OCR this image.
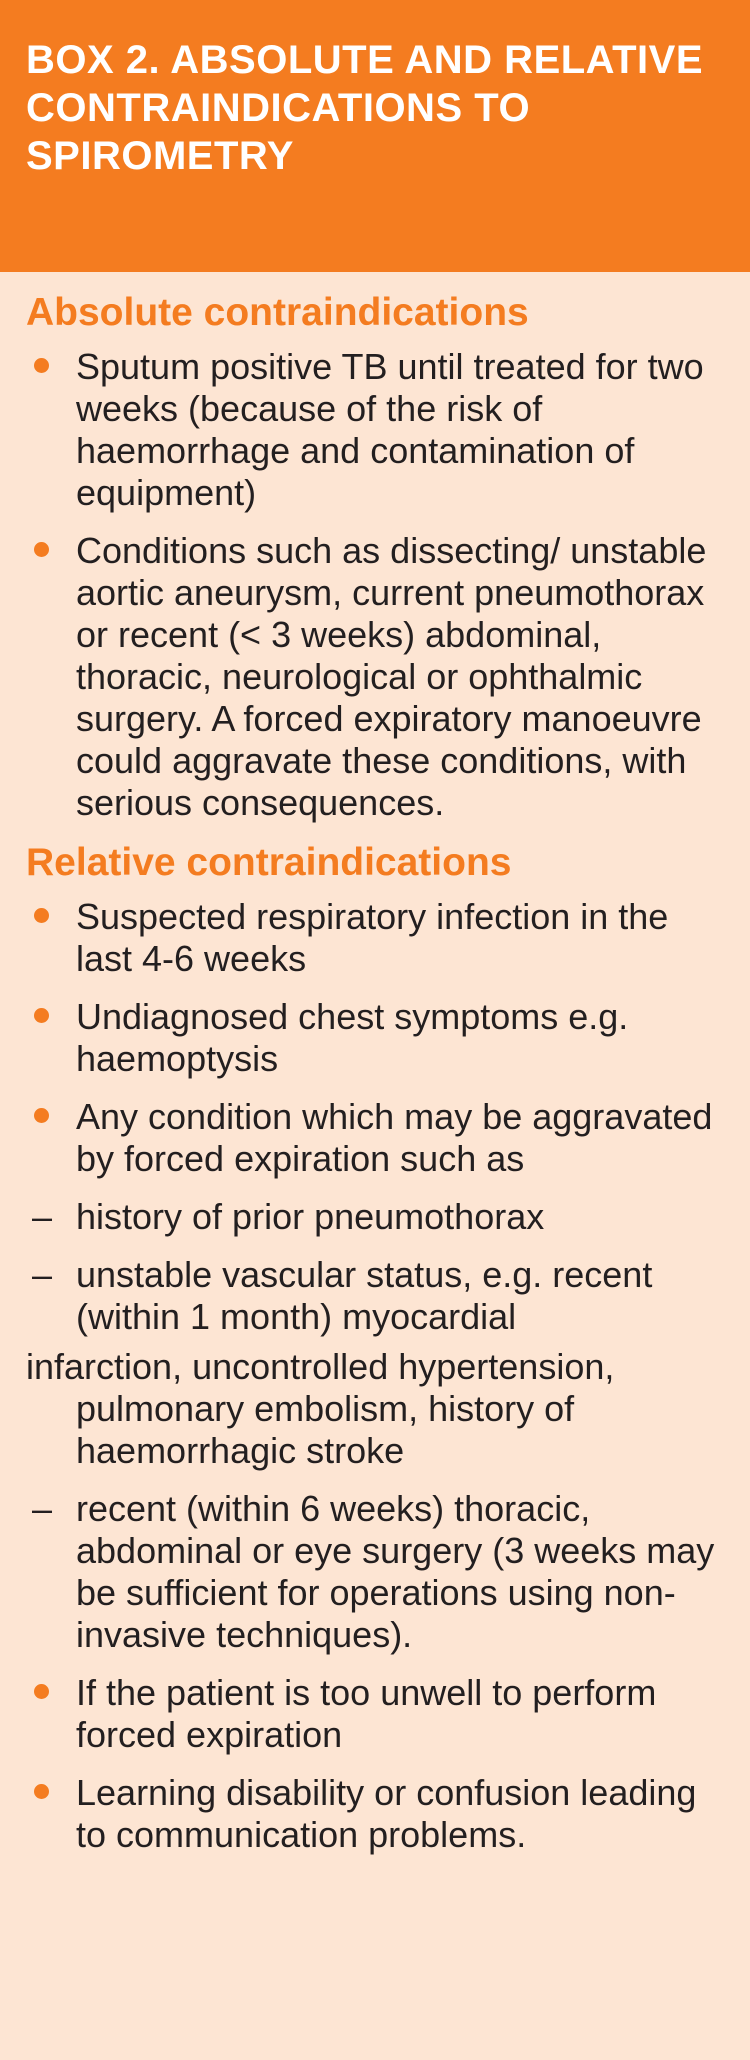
BOX 2. ABSOLUTE AND RELATIVE CONTRAINDICATIONS TO SPIROMETRY
Absolute contraindications
Sputum positive TB until treated for two weeks (because of the risk of haemorrhage and contamination of equipment)
Conditions such as dissecting/ unstable aortic aneurysm, current pneumothorax or recent (< 3 weeks) abdominal, thoracic, neurological or ophthalmic surgery. A forced expiratory manoeuvre could aggravate these conditions, with serious consequences.
Relative contraindications
Suspected respiratory infection in the last 4-6 weeks
Undiagnosed chest symptoms e.g. haemoptysis
Any condition which may be aggravated by forced expiration such as
– history of prior pneumothorax
– unstable vascular status, e.g. recent (within 1 month) myocardial
infarction, uncontrolled hypertension,
pulmonary embolism, history of haemorrhagic stroke
– recent (within 6 weeks) thoracic, abdominal or eye surgery (3 weeks may be sufficient for operations using non-invasive techniques).
If the patient is too unwell to perform forced expiration
Learning disability or confusion leading to communication problems.
